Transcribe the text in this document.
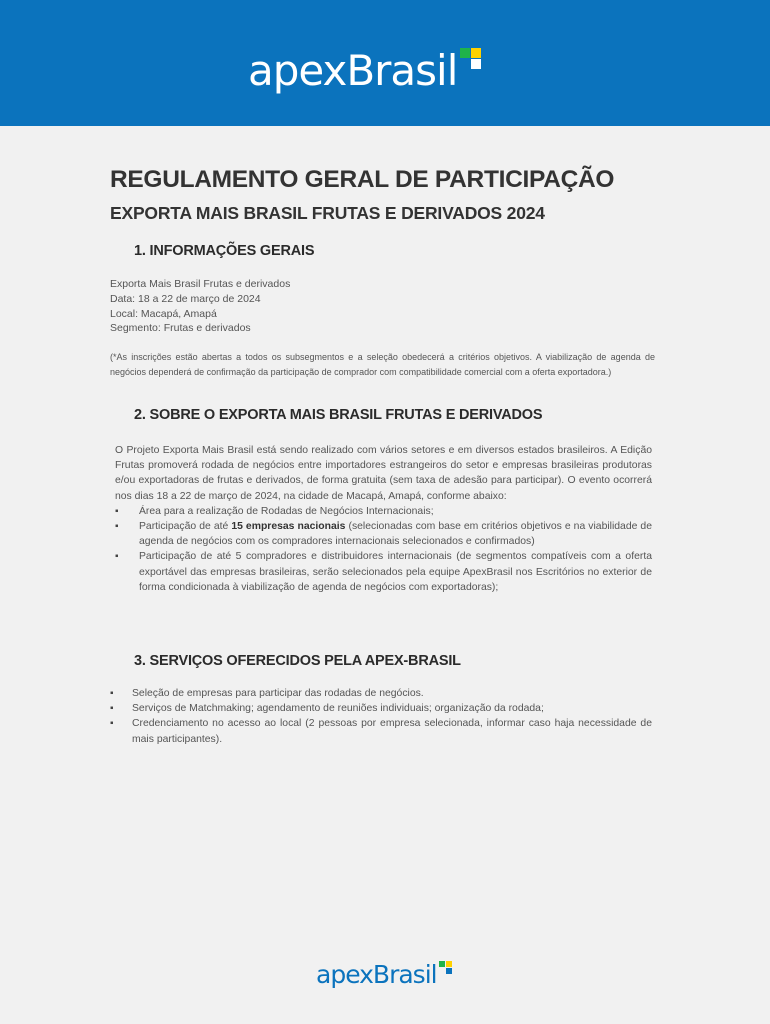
apexBrasil
REGULAMENTO GERAL DE PARTICIPAÇÃO
EXPORTA MAIS BRASIL FRUTAS E DERIVADOS 2024
1. INFORMAÇÕES GERAIS
Exporta Mais Brasil Frutas e derivados
Data: 18 a 22 de março de 2024
Local: Macapá, Amapá
Segmento: Frutas e derivados
(*As inscrições estão abertas a todos os subsegmentos e a seleção obedecerá a critérios objetivos. A viabilização de agenda de negócios dependerá de confirmação da participação de comprador com compatibilidade comercial com a oferta exportadora.)
2. SOBRE O EXPORTA MAIS BRASIL FRUTAS E DERIVADOS
O Projeto Exporta Mais Brasil está sendo realizado com vários setores e em diversos estados brasileiros. A Edição Frutas promoverá rodada de negócios entre importadores estrangeiros do setor e empresas brasileiras produtoras e/ou exportadoras de frutas e derivados, de forma gratuita (sem taxa de adesão para participar). O evento ocorrerá nos dias 18 a 22 de março de 2024, na cidade de Macapá, Amapá, conforme abaixo:
▪ Área para a realização de Rodadas de Negócios Internacionais;
▪ Participação de até 15 empresas nacionais (selecionadas com base em critérios objetivos e na viabilidade de agenda de negócios com os compradores internacionais selecionados e confirmados)
▪ Participação de até 5 compradores e distribuidores internacionais (de segmentos compatíveis com a oferta exportável das empresas brasileiras, serão selecionados pela equipe ApexBrasil nos Escritórios no exterior de forma condicionada à viabilização de agenda de negócios com exportadoras);
3. SERVIÇOS OFERECIDOS PELA APEX-BRASIL
▪ Seleção de empresas para participar das rodadas de negócios.
▪ Serviços de Matchmaking; agendamento de reuniões individuais; organização da rodada;
▪ Credenciamento no acesso ao local (2 pessoas por empresa selecionada, informar caso haja necessidade de mais participantes).
apexBrasil
